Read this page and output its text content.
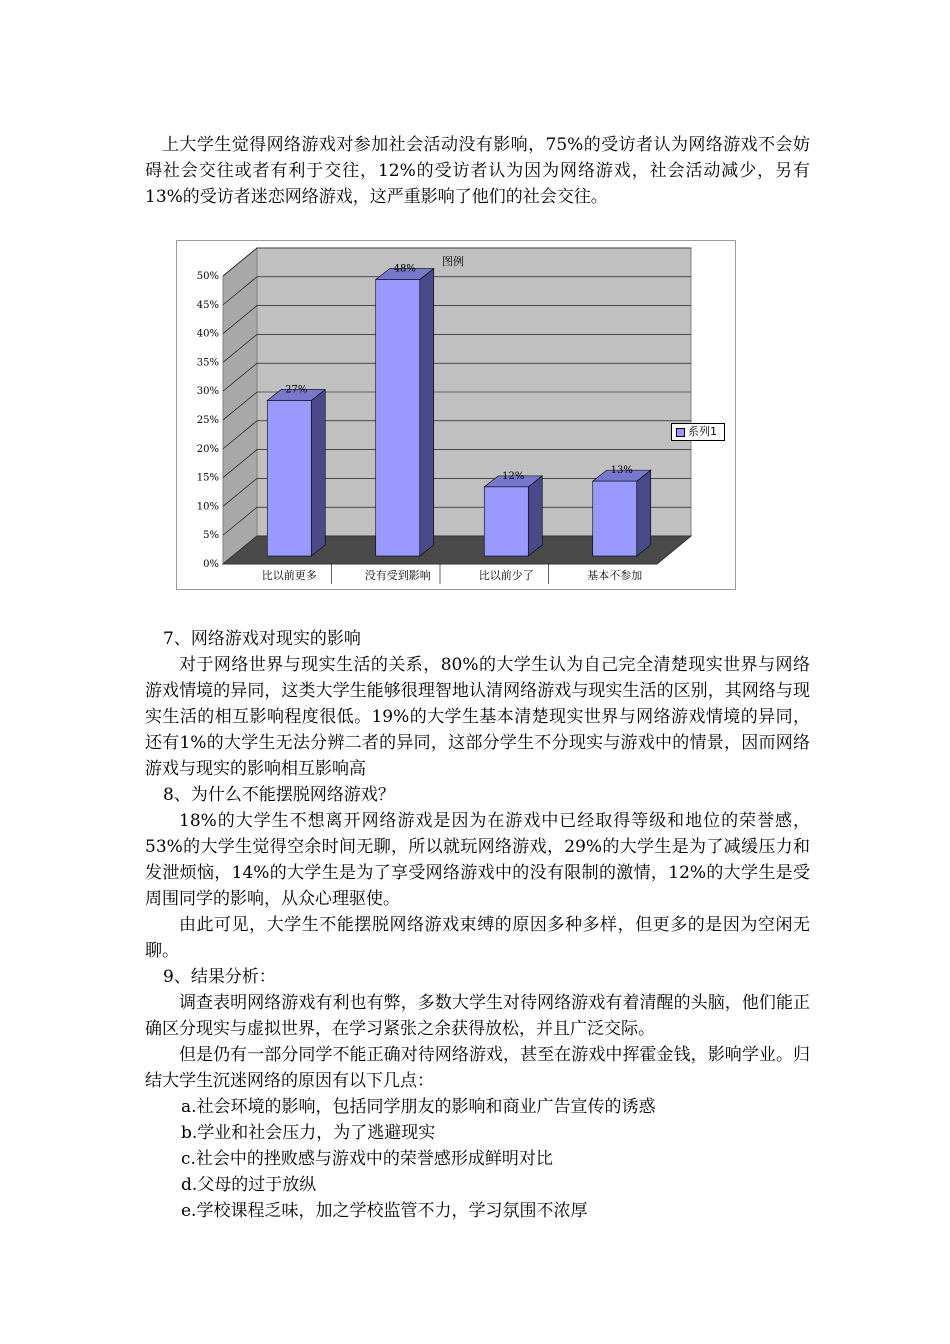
上大学生觉得网络游戏对参加社会活动没有影响，75%的受访者认为网络游戏不会妨碍社会交往或者有利于交往，12%的受访者认为因为网络游戏，社会活动减少，另有13%的受访者迷恋网络游戏，这严重影响了他们的社会交往。

0%
5%
10%
15%
20%
25%
30%
35%
40%
45%
50%
27%
比以前更多
48%
没有受到影响
12%
比以前少了
13%
基本不参加
图例
系列1
7、网络游戏对现实的影响

对于网络世界与现实生活的关系，80%的大学生认为自己完全清楚现实世界与网络游戏情境的异同，这类大学生能够很理智地认清网络游戏与现实生活的区别，其网络与现实生活的相互影响程度很低。19%的大学生基本清楚现实世界与网络游戏情境的异同，还有1%的大学生无法分辨二者的异同，这部分学生不分现实与游戏中的情景，因而网络游戏与现实的影响相互影响高

8、为什么不能摆脱网络游戏？

18%的大学生不想离开网络游戏是因为在游戏中已经取得等级和地位的荣誉感， 53%的大学生觉得空余时间无聊，所以就玩网络游戏，29%的大学生是为了减缓压力和发泄烦恼，14%的大学生是为了享受网络游戏中的没有限制的激情，12%的大学生是受周围同学的影响，从众心理驱使。

由此可见，大学生不能摆脱网络游戏束缚的原因多种多样，但更多的是因为空闲无聊。

9、结果分析：

调查表明网络游戏有利也有弊，多数大学生对待网络游戏有着清醒的头脑，他们能正确区分现实与虚拟世界，在学习紧张之余获得放松，并且广泛交际。

但是仍有一部分同学不能正确对待网络游戏，甚至在游戏中挥霍金钱，影响学业。归结大学生沉迷网络的原因有以下几点：

a.社会环境的影响，包括同学朋友的影响和商业广告宣传的诱惑
b.学业和社会压力，为了逃避现实
c.社会中的挫败感与游戏中的荣誉感形成鲜明对比
d.父母的过于放纵
e.学校课程乏味，加之学校监管不力，学习氛围不浓厚
